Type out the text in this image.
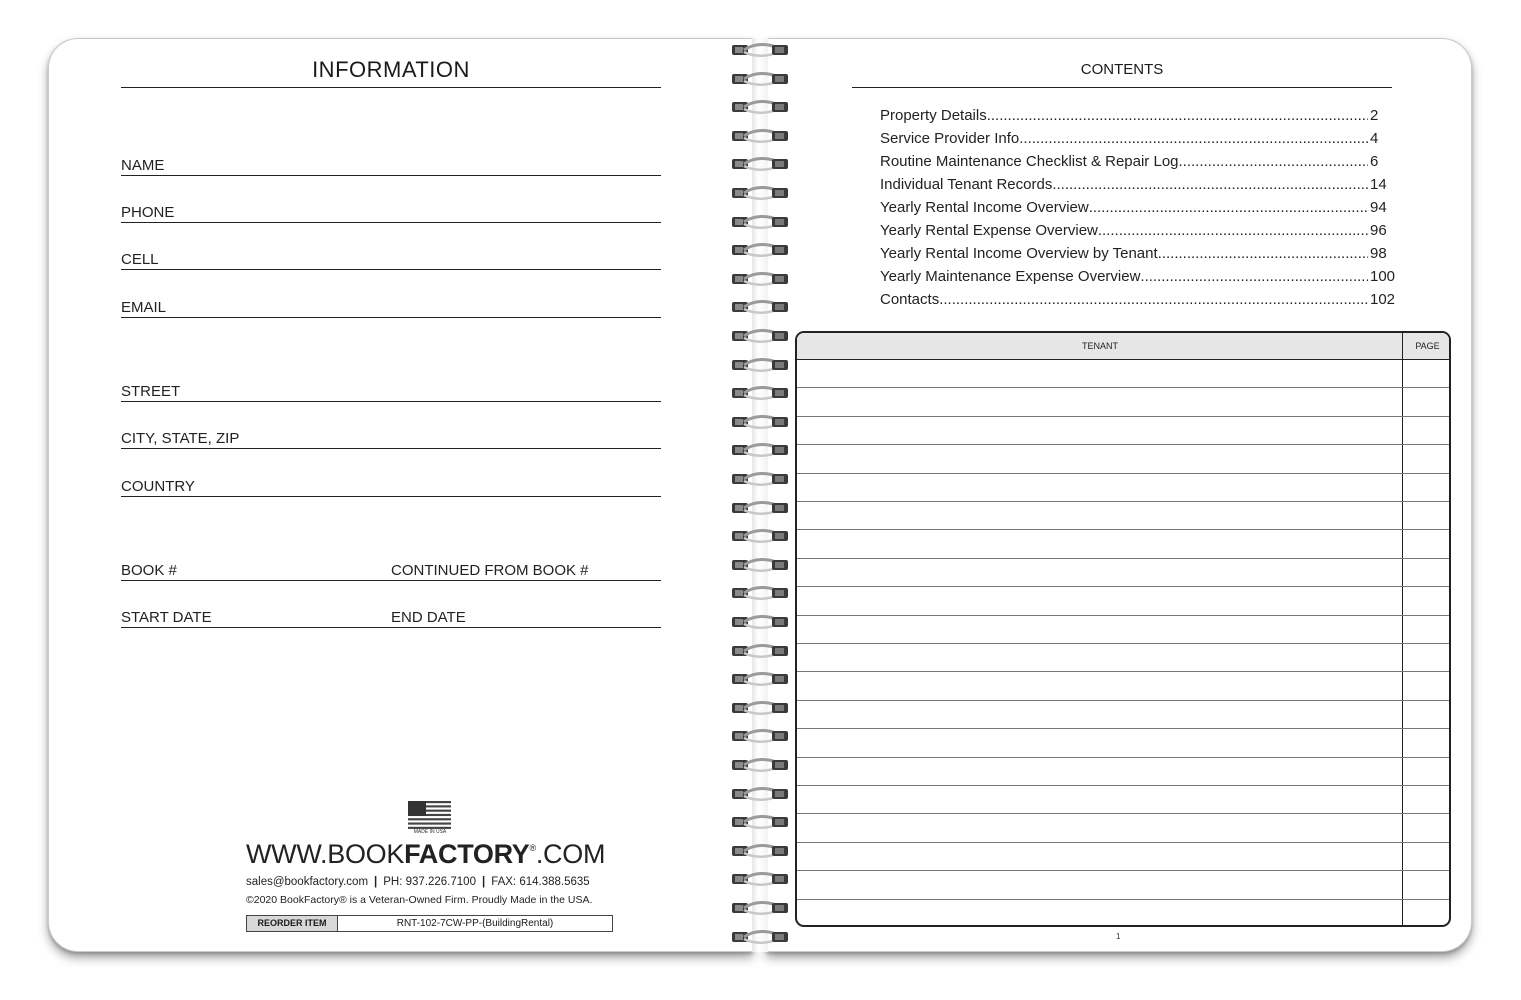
INFORMATION
NAME
PHONE
CELL
EMAIL
STREET
CITY, STATE, ZIP
COUNTRY
BOOK #	CONTINUED FROM BOOK #
START DATE	END DATE
MADE IN USA
WWW.BOOKFACTORY®.COM
sales@bookfactory.com | PH: 937.226.7100 | FAX: 614.388.5635
©2020 BookFactory® is a Veteran-Owned Firm. Proudly Made in the USA.
REORDER ITEM	RNT-102-7CW-PP-(BuildingRental)
CONTENTS
Property Details .....	2
Service Provider Info .....	4
Routine Maintenance Checklist & Repair Log .....	6
Individual Tenant Records .....	14
Yearly Rental Income Overview .....	94
Yearly Rental Expense Overview .....	96
Yearly Rental Income Overview by Tenant .....	98
Yearly Maintenance Expense Overview .....	100
Contacts .....	102
TENANT	PAGE
1
